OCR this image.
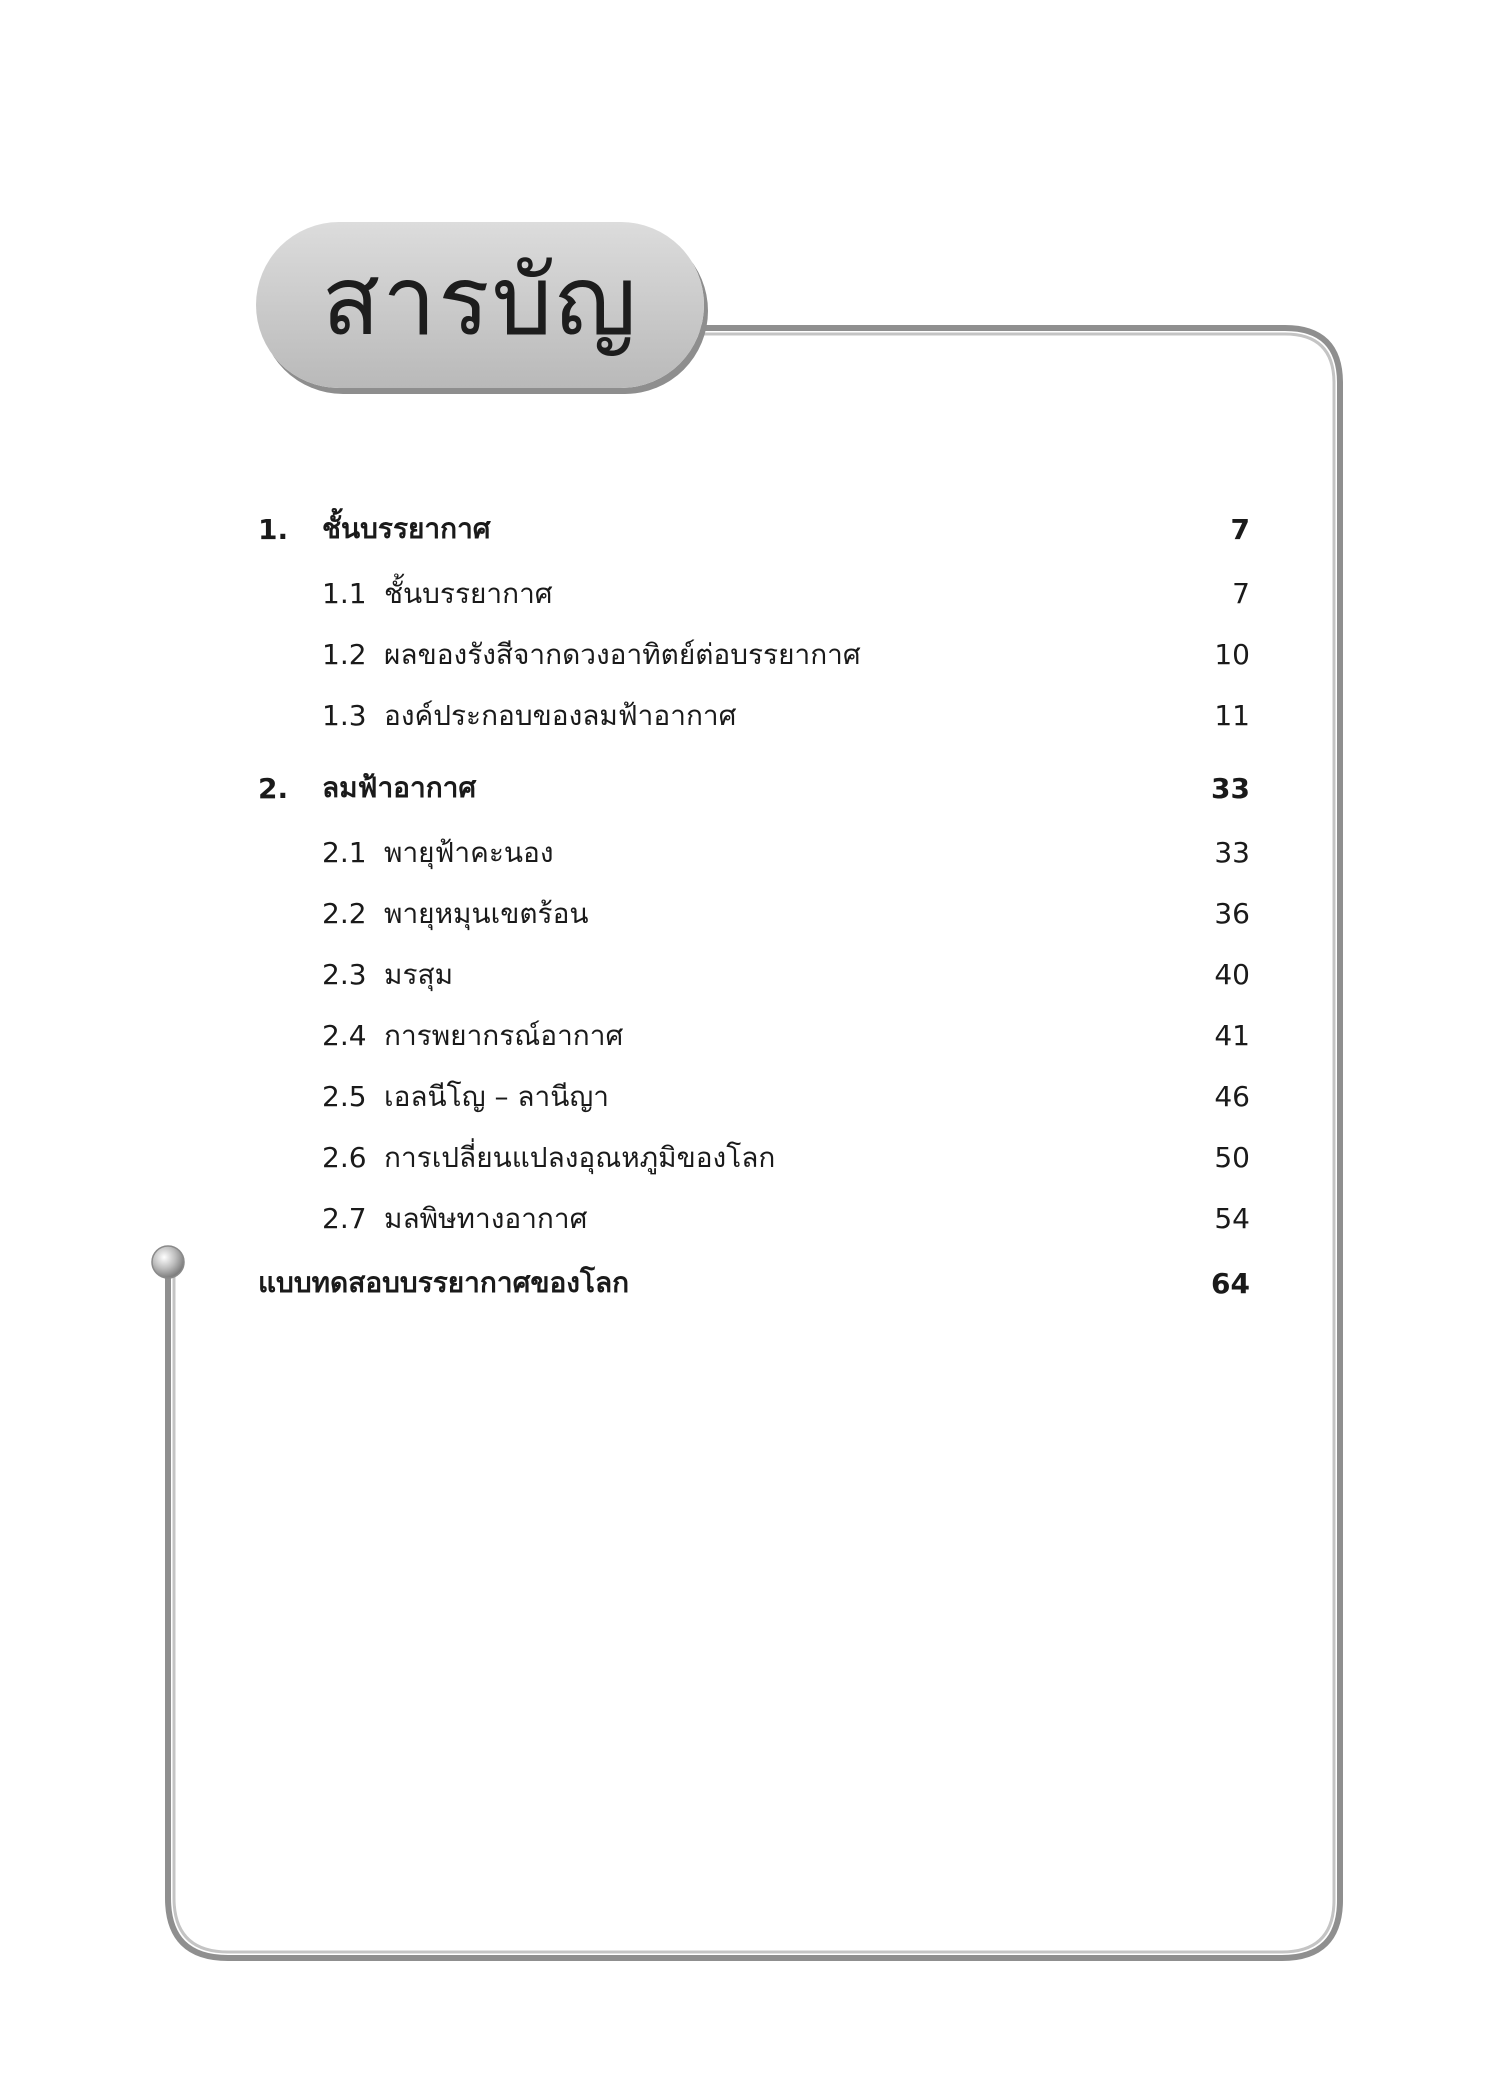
สารบัญ
1.	ชั้นบรรยากาศ	7
1.1 ชั้นบรรยากาศ	7
1.2 ผลของรังสีจากดวงอาทิตย์ต่อบรรยากาศ	10
1.3 องค์ประกอบของลมฟ้าอากาศ	11
2.	ลมฟ้าอากาศ	33
2.1 พายุฟ้าคะนอง	33
2.2 พายุหมุนเขตร้อน	36
2.3 มรสุม	40
2.4 การพยากรณ์อากาศ	41
2.5 เอลนีโญ – ลานีญา	46
2.6 การเปลี่ยนแปลงอุณหภูมิของโลก	50
2.7 มลพิษทางอากาศ	54
แบบทดสอบบรรยากาศของโลก	64
